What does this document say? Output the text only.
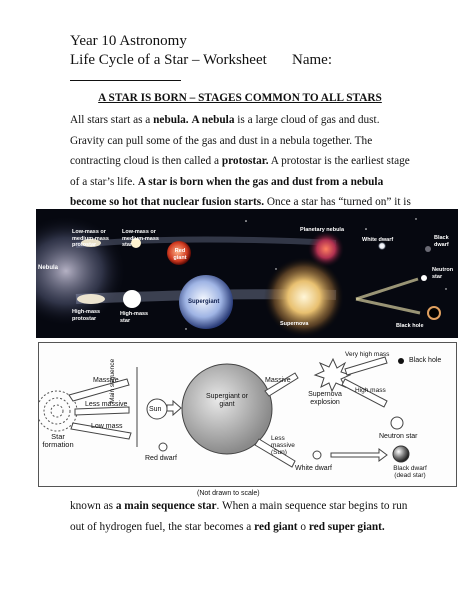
Year 10 Astronomy
Life Cycle of a Star – Worksheet Name:
A STAR IS BORN – STAGES COMMON TO ALL STARS
All stars start as a nebula. A nebula is a large cloud of gas and dust.
Gravity can pull some of the gas and dust in a nebula together. The
contracting cloud is then called a protostar. A protostar is the earliest stage
of a star’s life. A star is born when the gas and dust from a nebula
become so hot that nuclear fusion starts. Once a star has “turned on” it is
Nebula
Low-mass or medium-mass protostar
Low-mass or medium-mass star
Red giant
Planetary nebula
White dwarf	Black dwarf
High-mass protostar
High-mass star
Supergiant
Supernova
Neutron star
Black hole
Star formation
Massive
Less massive
Low mass
Main sequence
Sun
Red dwarf
Supergiant or giant
Massive
Less massive (Sun)
Supernova explosion
Very high mass
High mass
Black hole
Neutron star
White dwarf	Black dwarf (dead star)
(Not drawn to scale)
known as a main sequence star. When a main sequence star begins to run
out of hydrogen fuel, the star becomes a red giant o red super giant.
